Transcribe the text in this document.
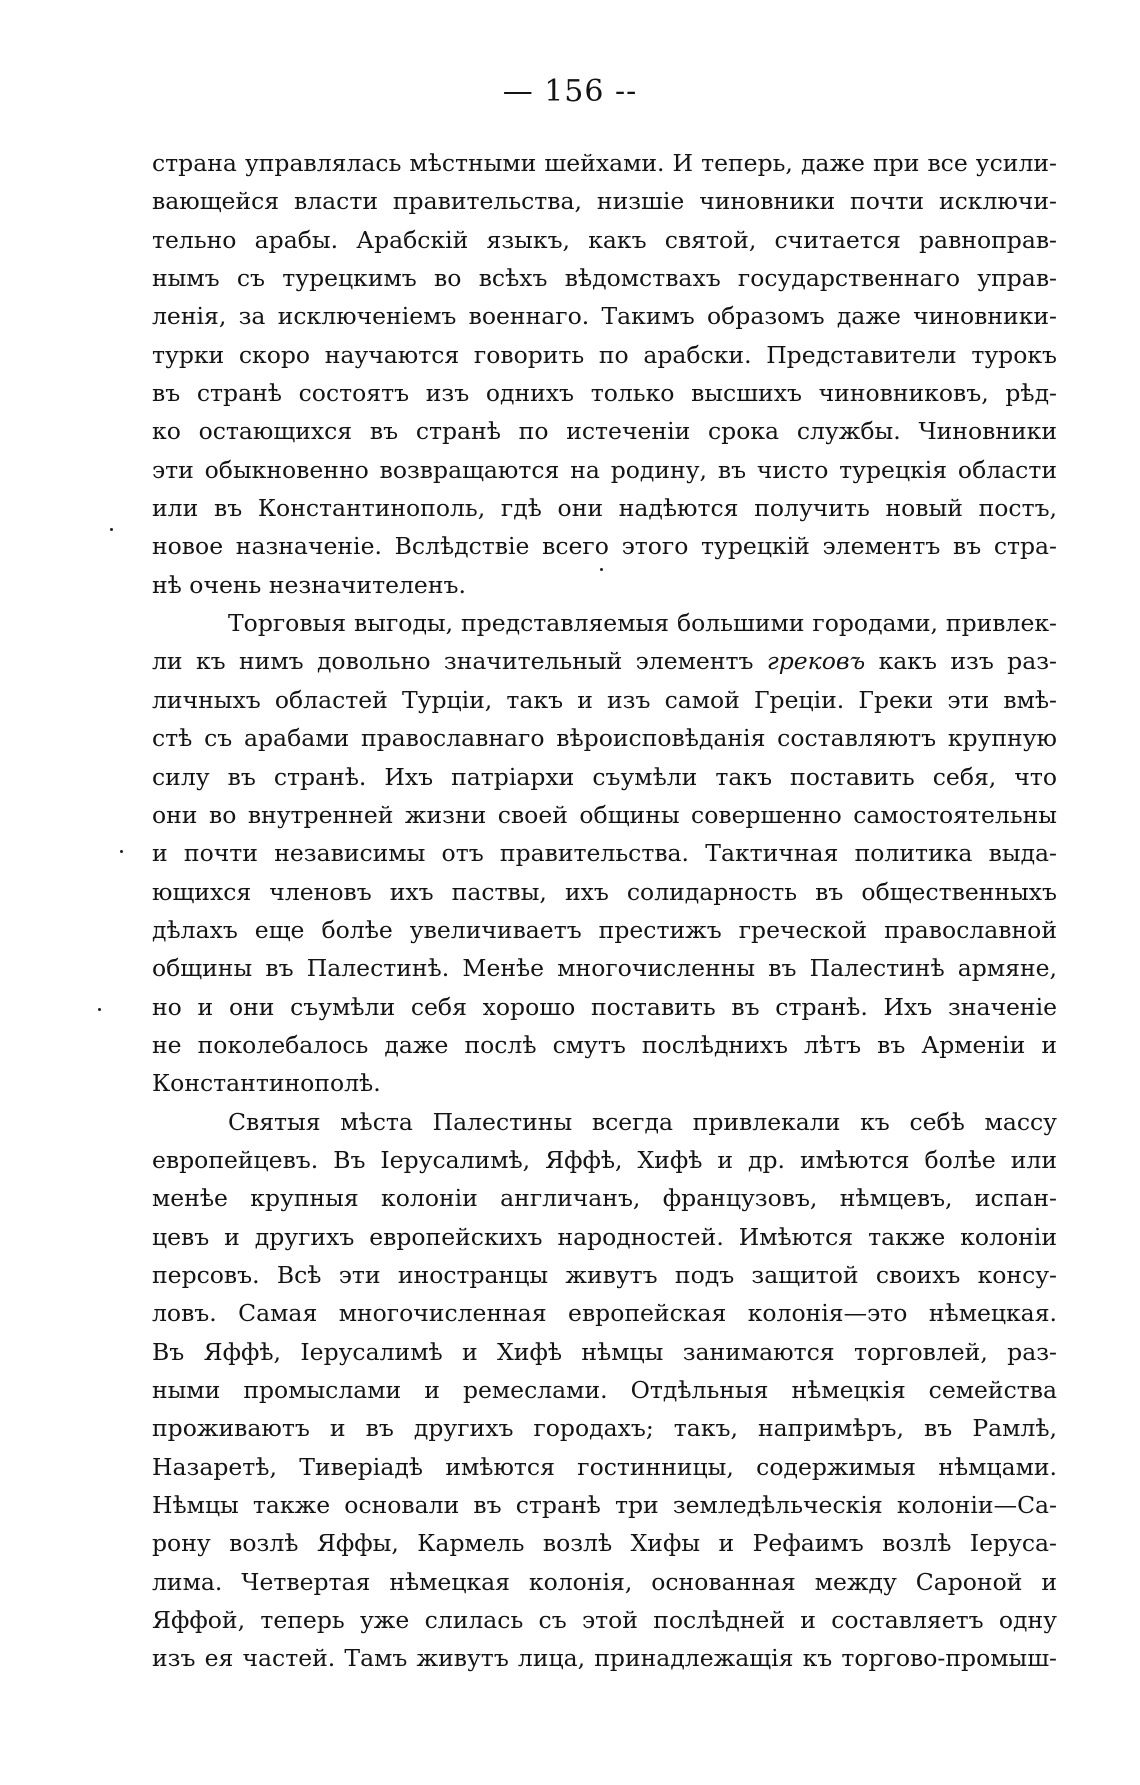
— 156 --
страна управлялась мѣстными шейхами. И теперь, даже при все усили-
вающейся власти правительства, низшіе чиновники почти исключи-
тельно арабы. Арабскій языкъ, какъ святой, считается равноправ-
нымъ съ турецкимъ во всѣхъ вѣдомствахъ государственнаго управ-
ленія, за исключеніемъ военнаго. Такимъ образомъ даже чиновники-
турки скоро научаются говорить по арабски. Представители турокъ
въ странѣ состоятъ изъ однихъ только высшихъ чиновниковъ, рѣд-
ко остающихся въ странѣ по истеченіи срока службы. Чиновники
эти обыкновенно возвращаются на родину, въ чисто турецкія области
или въ Константинополь, гдѣ они надѣются получить новый постъ,
новое назначеніе. Вслѣдствіе всего этого турецкій элементъ въ стра-
нѣ очень незначителенъ.
Торговыя выгоды, представляемыя большими городами, привлек-
ли къ нимъ довольно значительный элементъ грековъ какъ изъ раз-
личныхъ областей Турціи, такъ и изъ самой Греціи. Греки эти вмѣ-
стѣ съ арабами православнаго вѣроисповѣданія составляютъ крупную
силу въ странѣ. Ихъ патріархи съумѣли такъ поставить себя, что
они во внутренней жизни своей общины совершенно самостоятельны
и почти независимы отъ правительства. Тактичная политика выда-
ющихся членовъ ихъ паствы, ихъ солидарность въ общественныхъ
дѣлахъ еще болѣе увеличиваетъ престижъ греческой православной
общины въ Палестинѣ. Менѣе многочисленны въ Палестинѣ армяне,
но и они съумѣли себя хорошо поставить въ странѣ. Ихъ значеніе
не поколебалось даже послѣ смутъ послѣднихъ лѣтъ въ Арменіи и
Константинополѣ.
Святыя мѣста Палестины всегда привлекали къ себѣ массу
европейцевъ. Въ Іерусалимѣ, Яффѣ, Хифѣ и др. имѣются болѣе или
менѣе крупныя колоніи англичанъ, французовъ, нѣмцевъ, испан-
цевъ и другихъ европейскихъ народностей. Имѣются также колоніи
персовъ. Всѣ эти иностранцы живутъ подъ защитой своихъ консу-
ловъ. Самая многочисленная европейская колонія—это нѣмецкая.
Въ Яффѣ, Іерусалимѣ и Хифѣ нѣмцы занимаются торговлей, раз-
ными промыслами и ремеслами. Отдѣльныя нѣмецкія семейства
проживаютъ и въ другихъ городахъ; такъ, напримѣръ, въ Рамлѣ,
Назаретѣ, Тиверіадѣ имѣются гостинницы, содержимыя нѣмцами.
Нѣмцы также основали въ странѣ три земледѣльческія колоніи—Са-
рону возлѣ Яффы, Кармель возлѣ Хифы и Рефаимъ возлѣ Іеруса-
лима. Четвертая нѣмецкая колонія, основанная между Сароной и
Яффой, теперь уже слилась съ этой послѣдней и составляетъ одну
изъ ея частей. Тамъ живутъ лица, принадлежащія къ торгово-промыш-
